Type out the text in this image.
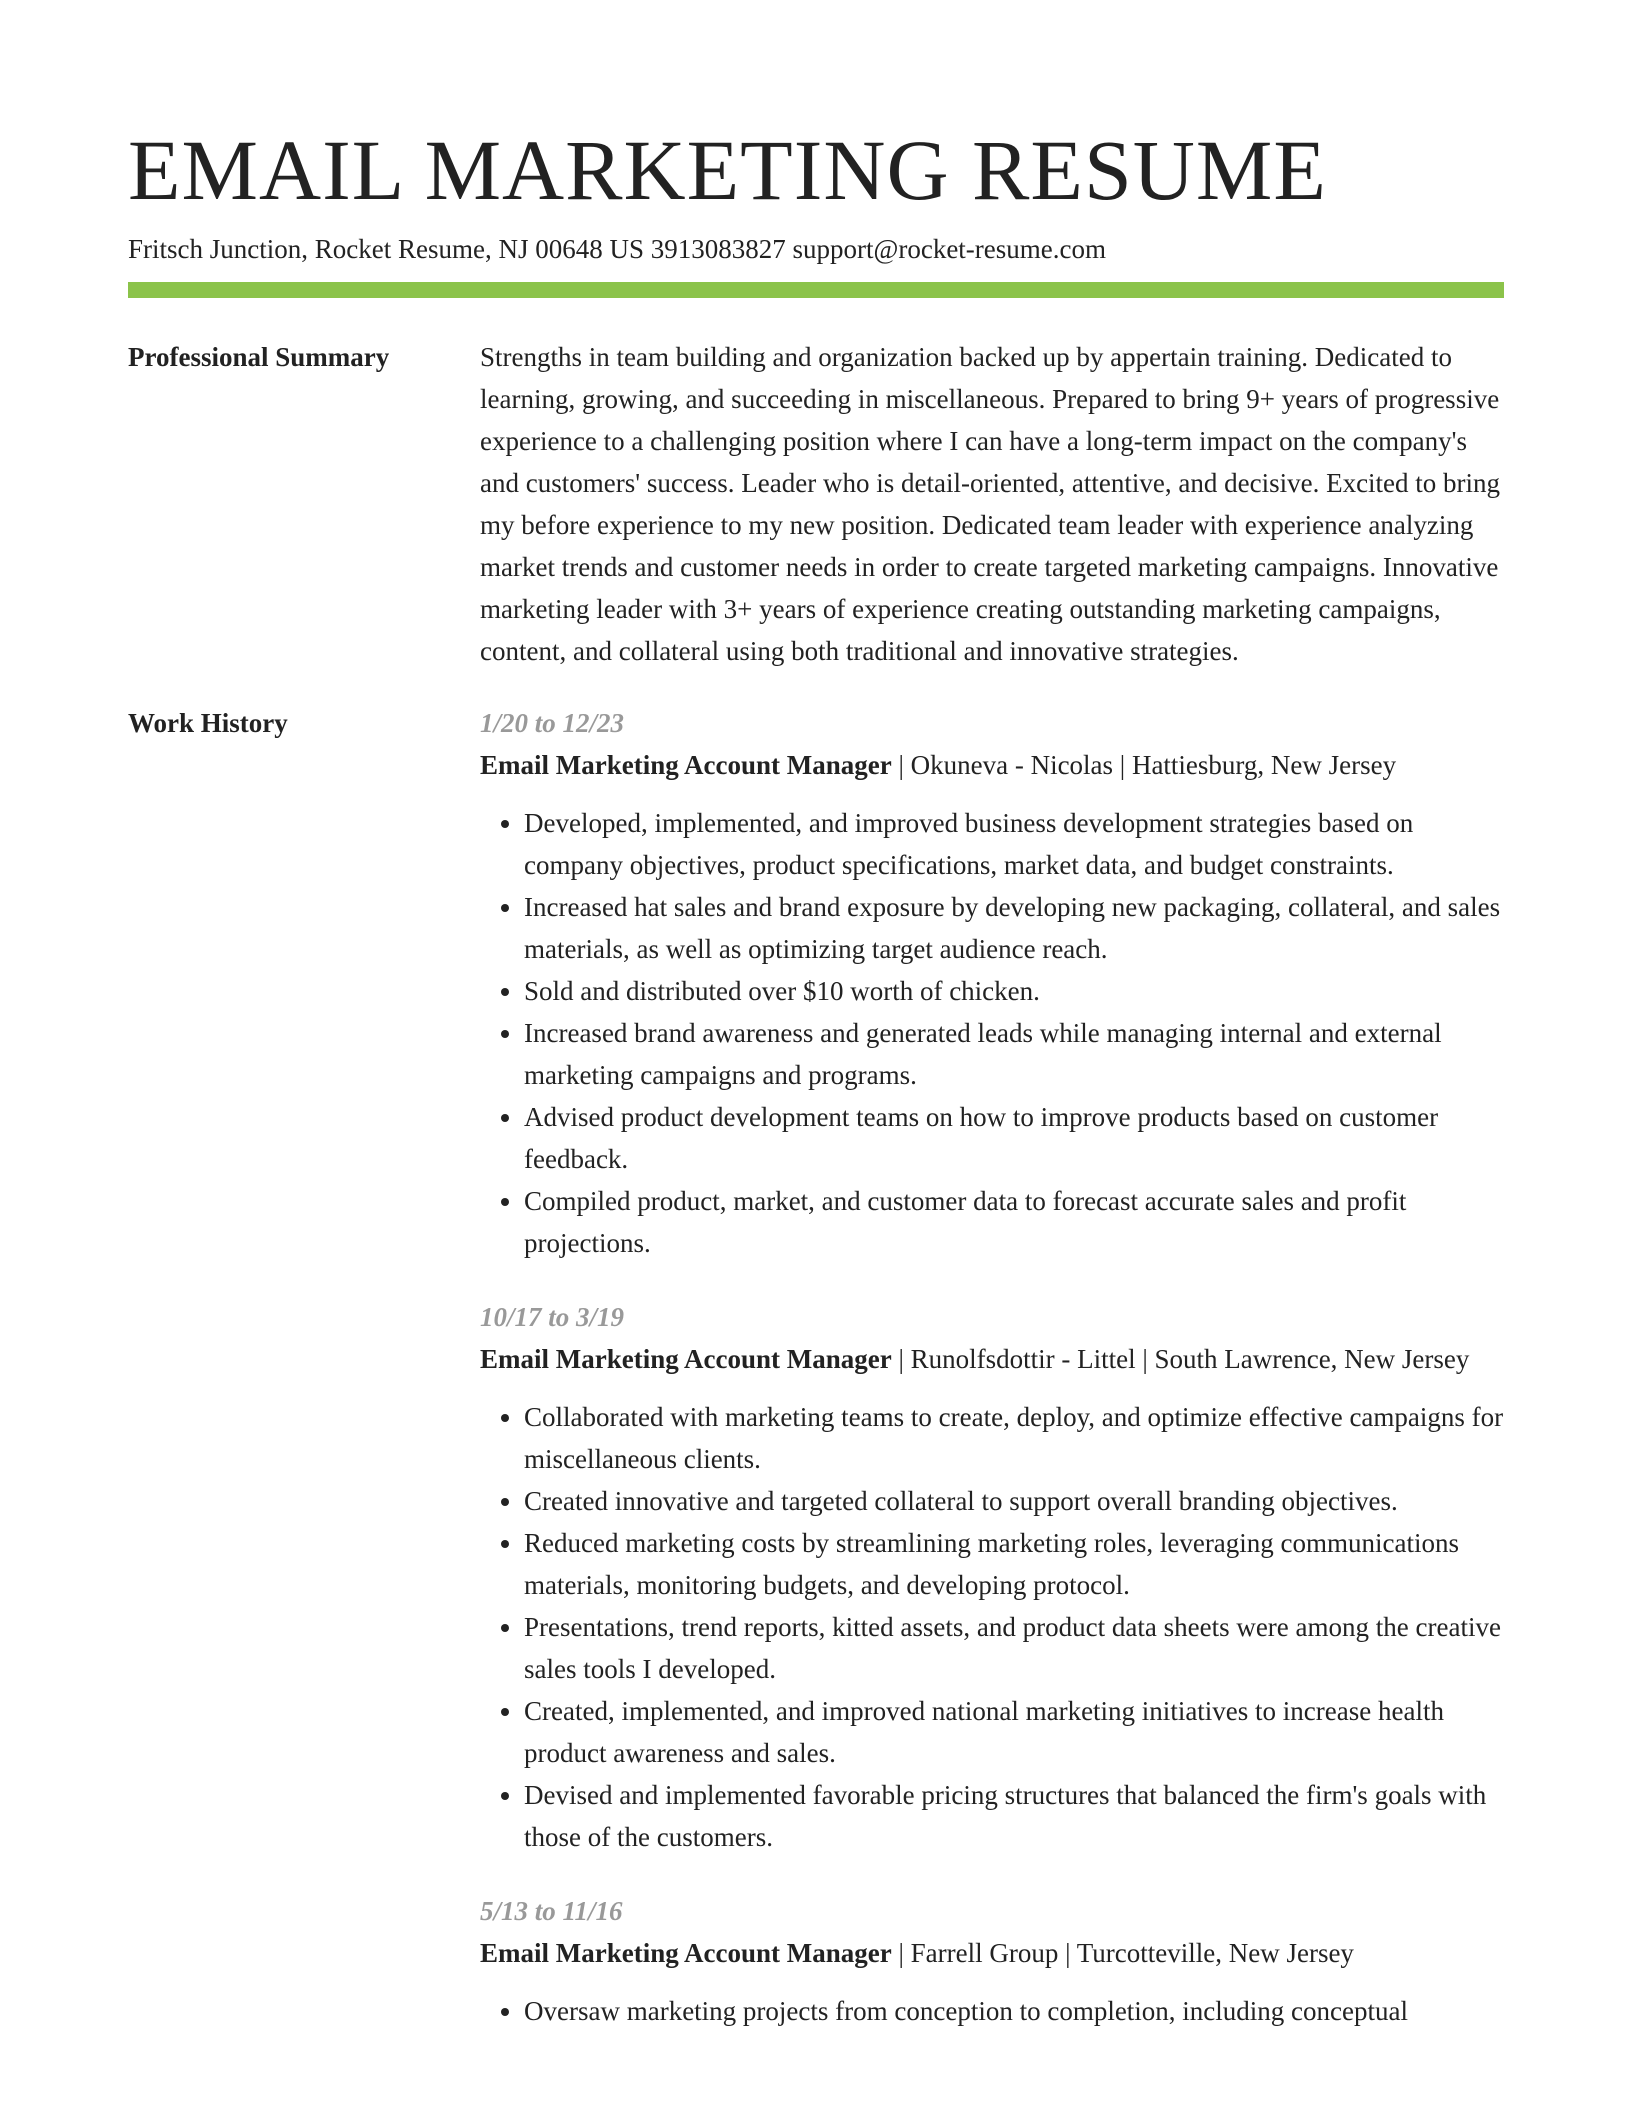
EMAIL MARKETING RESUME
Fritsch Junction, Rocket Resume, NJ 00648 US 3913083827 support@rocket-resume.com
Professional Summary	Strengths in team building and organization backed up by appertain training. Dedicated to learning, growing, and succeeding in miscellaneous. Prepared to bring 9+ years of progressive experience to a challenging position where I can have a long-term impact on the company's and customers' success. Leader who is detail-oriented, attentive, and decisive. Excited to bring my before experience to my new position. Dedicated team leader with experience analyzing market trends and customer needs in order to create targeted marketing campaigns. Innovative marketing leader with 3+ years of experience creating outstanding marketing campaigns, content, and collateral using both traditional and innovative strategies.

Work History	1/20 to 12/23
Email Marketing Account Manager | Okuneva - Nicolas | Hattiesburg, New Jersey
• Developed, implemented, and improved business development strategies based on company objectives, product specifications, market data, and budget constraints.
• Increased hat sales and brand exposure by developing new packaging, collateral, and sales materials, as well as optimizing target audience reach.
• Sold and distributed over $10 worth of chicken.
• Increased brand awareness and generated leads while managing internal and external marketing campaigns and programs.
• Advised product development teams on how to improve products based on customer feedback.
• Compiled product, market, and customer data to forecast accurate sales and profit projections.
10/17 to 3/19
Email Marketing Account Manager | Runolfsdottir - Littel | South Lawrence, New Jersey
• Collaborated with marketing teams to create, deploy, and optimize effective campaigns for miscellaneous clients.
• Created innovative and targeted collateral to support overall branding objectives.
• Reduced marketing costs by streamlining marketing roles, leveraging communications materials, monitoring budgets, and developing protocol.
• Presentations, trend reports, kitted assets, and product data sheets were among the creative sales tools I developed.
• Created, implemented, and improved national marketing initiatives to increase health product awareness and sales.
• Devised and implemented favorable pricing structures that balanced the firm's goals with those of the customers.
5/13 to 11/16
Email Marketing Account Manager | Farrell Group | Turcotteville, New Jersey
• Oversaw marketing projects from conception to completion, including conceptual
